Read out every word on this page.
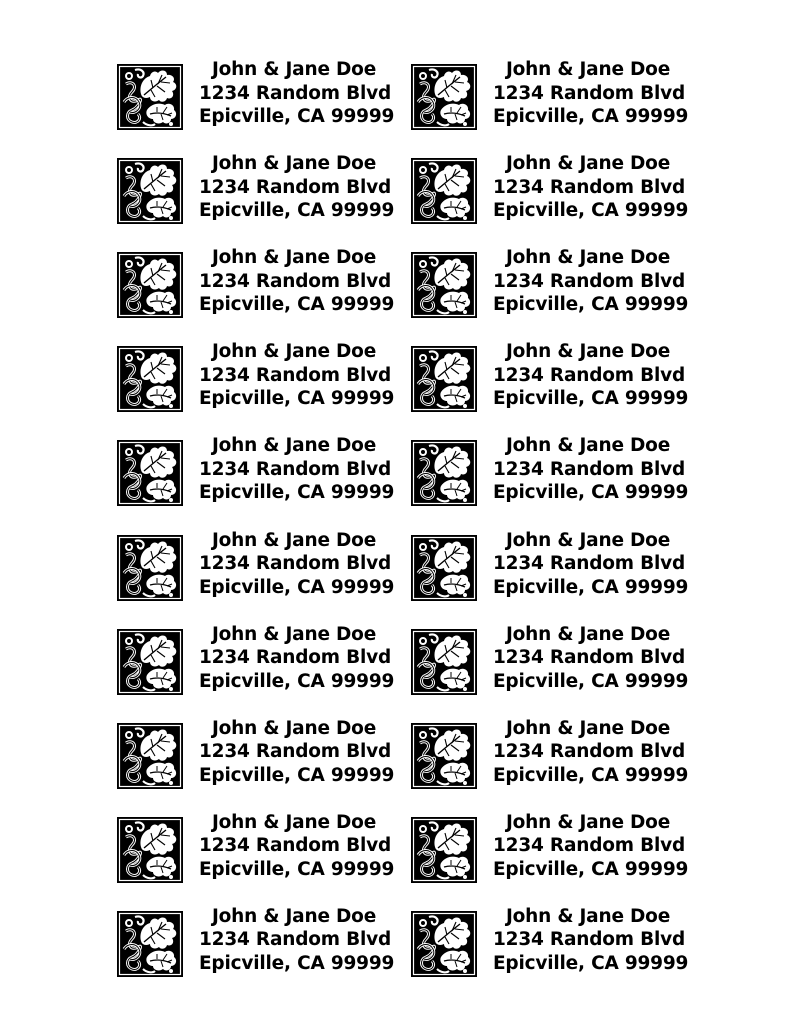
John & Jane Doe
1234 Random Blvd
Epicville, CA 99999
John & Jane Doe
1234 Random Blvd
Epicville, CA 99999
John & Jane Doe
1234 Random Blvd
Epicville, CA 99999
John & Jane Doe
1234 Random Blvd
Epicville, CA 99999
John & Jane Doe
1234 Random Blvd
Epicville, CA 99999
John & Jane Doe
1234 Random Blvd
Epicville, CA 99999
John & Jane Doe
1234 Random Blvd
Epicville, CA 99999
John & Jane Doe
1234 Random Blvd
Epicville, CA 99999
John & Jane Doe
1234 Random Blvd
Epicville, CA 99999
John & Jane Doe
1234 Random Blvd
Epicville, CA 99999
John & Jane Doe
1234 Random Blvd
Epicville, CA 99999
John & Jane Doe
1234 Random Blvd
Epicville, CA 99999
John & Jane Doe
1234 Random Blvd
Epicville, CA 99999
John & Jane Doe
1234 Random Blvd
Epicville, CA 99999
John & Jane Doe
1234 Random Blvd
Epicville, CA 99999
John & Jane Doe
1234 Random Blvd
Epicville, CA 99999
John & Jane Doe
1234 Random Blvd
Epicville, CA 99999
John & Jane Doe
1234 Random Blvd
Epicville, CA 99999
John & Jane Doe
1234 Random Blvd
Epicville, CA 99999
John & Jane Doe
1234 Random Blvd
Epicville, CA 99999
